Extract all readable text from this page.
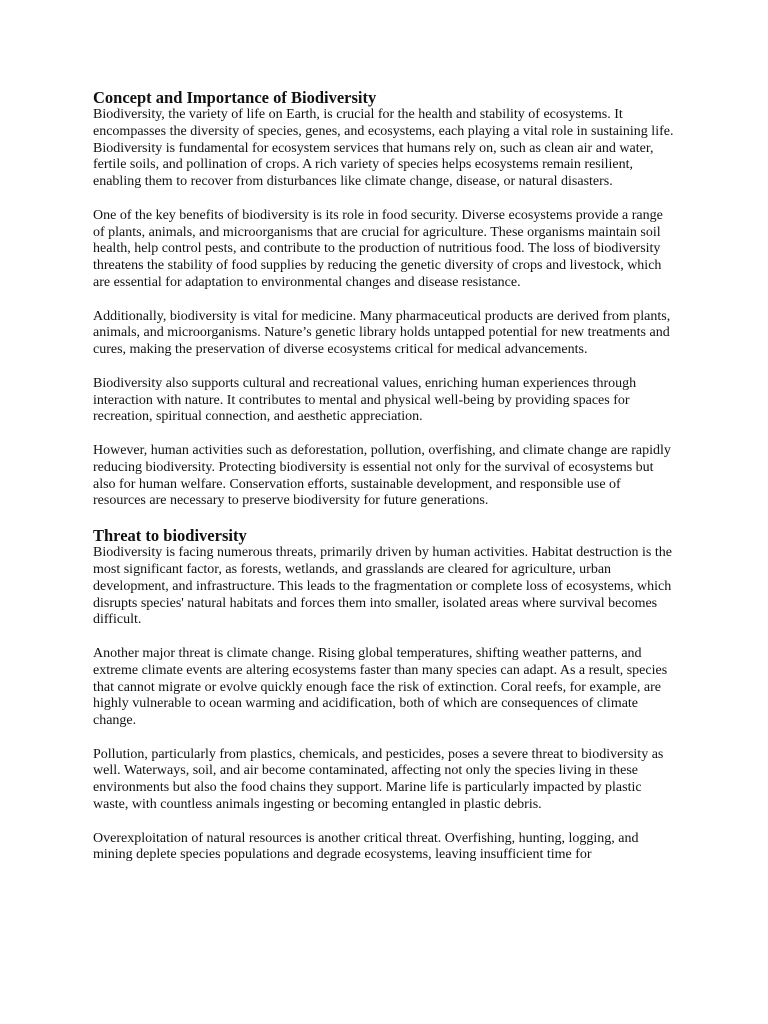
Concept and Importance of Biodiversity

Biodiversity, the variety of life on Earth, is crucial for the health and stability of ecosystems. It encompasses the diversity of species, genes, and ecosystems, each playing a vital role in sustaining life. Biodiversity is fundamental for ecosystem services that humans rely on, such as clean air and water, fertile soils, and pollination of crops. A rich variety of species helps ecosystems remain resilient, enabling them to recover from disturbances like climate change, disease, or natural disasters.

One of the key benefits of biodiversity is its role in food security. Diverse ecosystems provide a range of plants, animals, and microorganisms that are crucial for agriculture. These organisms maintain soil health, help control pests, and contribute to the production of nutritious food. The loss of biodiversity threatens the stability of food supplies by reducing the genetic diversity of crops and livestock, which are essential for adaptation to environmental changes and disease resistance.

Additionally, biodiversity is vital for medicine. Many pharmaceutical products are derived from plants, animals, and microorganisms. Nature’s genetic library holds untapped potential for new treatments and cures, making the preservation of diverse ecosystems critical for medical advancements.

Biodiversity also supports cultural and recreational values, enriching human experiences through interaction with nature. It contributes to mental and physical well-being by providing spaces for recreation, spiritual connection, and aesthetic appreciation.

However, human activities such as deforestation, pollution, overfishing, and climate change are rapidly reducing biodiversity. Protecting biodiversity is essential not only for the survival of ecosystems but also for human welfare. Conservation efforts, sustainable development, and responsible use of resources are necessary to preserve biodiversity for future generations.

Threat to biodiversity

Biodiversity is facing numerous threats, primarily driven by human activities. Habitat destruction is the most significant factor, as forests, wetlands, and grasslands are cleared for agriculture, urban development, and infrastructure. This leads to the fragmentation or complete loss of ecosystems, which disrupts species' natural habitats and forces them into smaller, isolated areas where survival becomes difficult.

Another major threat is climate change. Rising global temperatures, shifting weather patterns, and extreme climate events are altering ecosystems faster than many species can adapt. As a result, species that cannot migrate or evolve quickly enough face the risk of extinction. Coral reefs, for example, are highly vulnerable to ocean warming and acidification, both of which are consequences of climate change.

Pollution, particularly from plastics, chemicals, and pesticides, poses a severe threat to biodiversity as well. Waterways, soil, and air become contaminated, affecting not only the species living in these environments but also the food chains they support. Marine life is particularly impacted by plastic waste, with countless animals ingesting or becoming entangled in plastic debris.

Overexploitation of natural resources is another critical threat. Overfishing, hunting, logging, and mining deplete species populations and degrade ecosystems, leaving insufficient time for
